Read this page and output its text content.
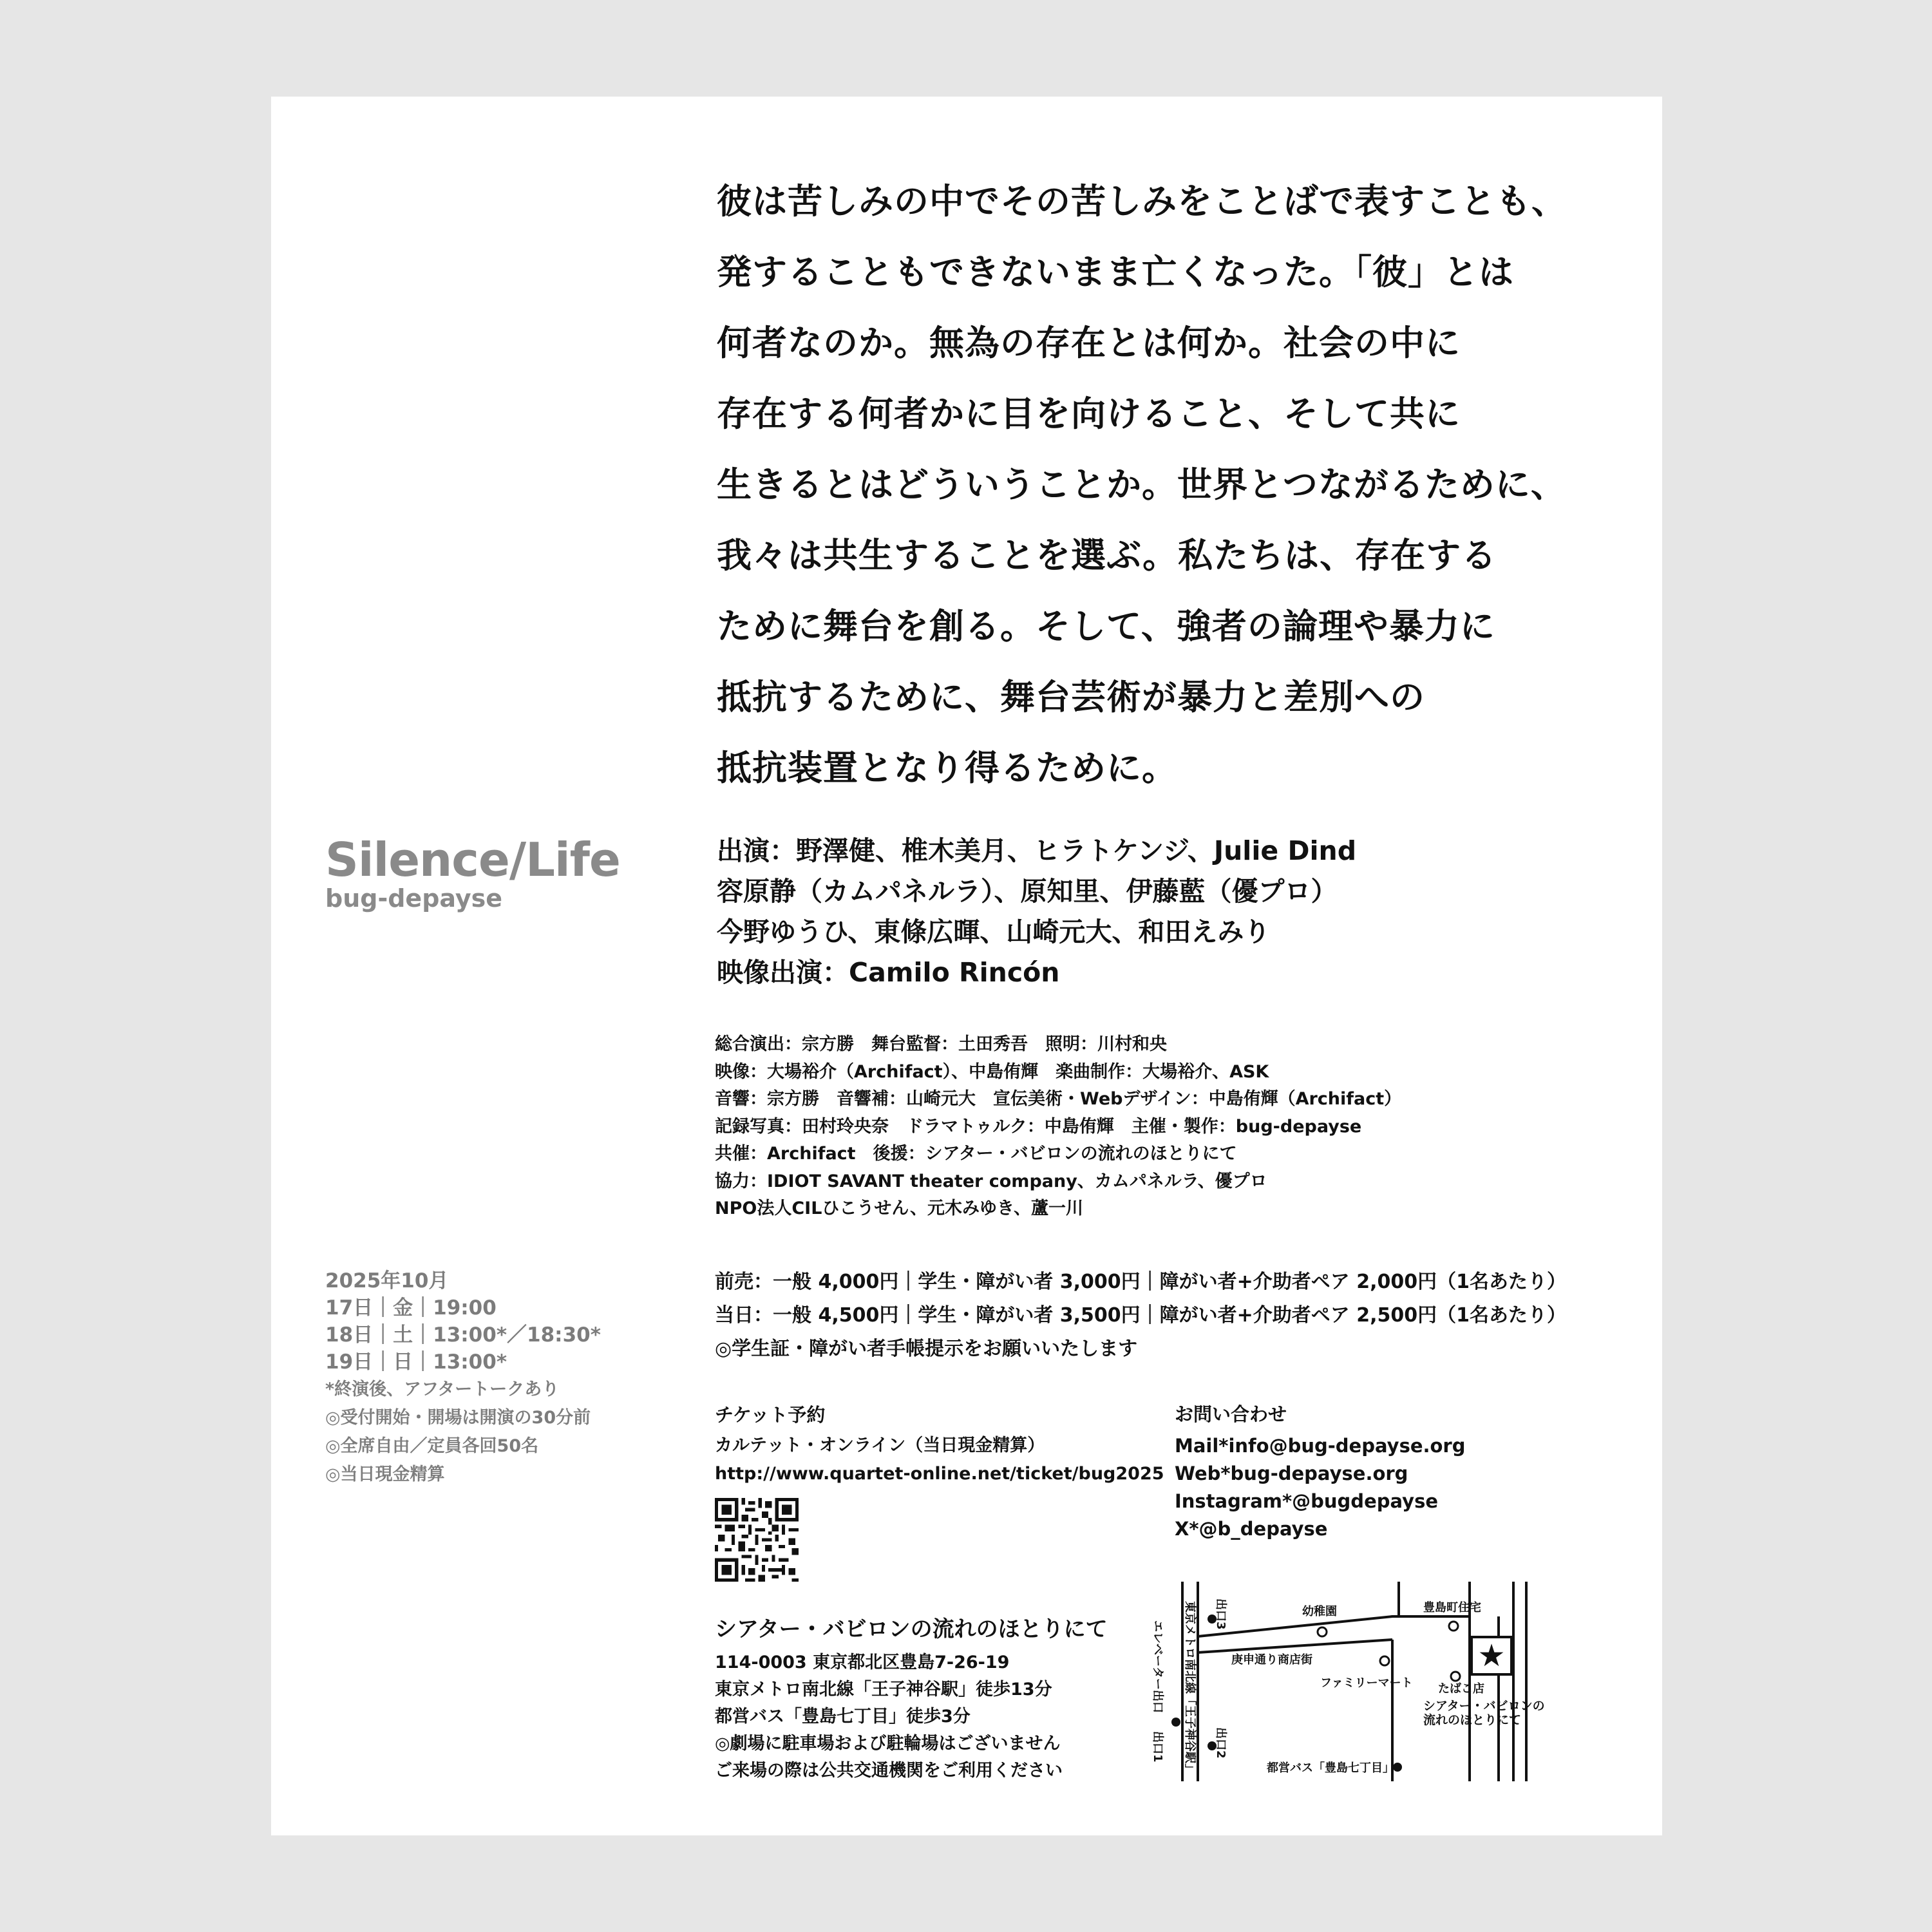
彼は苦しみの中でその苦しみをことばで表すことも、
発することもできないまま亡くなった。「彼」とは
何者なのか。無為の存在とは何か。社会の中に
存在する何者かに目を向けること、そして共に
生きるとはどういうことか。世界とつながるために、
我々は共生することを選ぶ。私たちは、存在する
ために舞台を創る。そして、強者の論理や暴力に
抵抗するために、舞台芸術が暴力と差別への
抵抗装置となり得るために。
Silence/Life
bug-depayse
出演：野澤健、椎木美月、ヒラトケンジ、Julie Dind
容原静（カムパネルラ）、原知里、伊藤藍（優プロ）
今野ゆうひ、東條広暉、山崎元大、和田えみり
映像出演：Camilo Rincón
総合演出：宗方勝　舞台監督：土田秀吾　照明：川村和央
映像：大場裕介（Archifact）、中島侑輝　楽曲制作：大場裕介、ASK
音響：宗方勝　音響補：山崎元大　宣伝美術・Webデザイン：中島侑輝（Archifact）
記録写真：田村玲央奈　ドラマトゥルク：中島侑輝　主催・製作：bug-depayse
共催：Archifact　後援：シアター・バビロンの流れのほとりにて
協力：IDIOT SAVANT theater company、カムパネルラ、優プロ
NPO法人CILひこうせん、元木みゆき、蘆一川
2025年10月
17日｜金｜19:00
18日｜土｜13:00*／18:30*
19日｜日｜13:00*
*終演後、アフタートークあり
◎受付開始・開場は開演の30分前
◎全席自由／定員各回50名
◎当日現金精算
前売：一般 4,000円｜学生・障がい者 3,000円｜障がい者+介助者ペア 2,000円（1名あたり）
当日：一般 4,500円｜学生・障がい者 3,500円｜障がい者+介助者ペア 2,500円（1名あたり）
◎学生証・障がい者手帳提示をお願いいたします
チケット予約
カルテット・オンライン（当日現金精算）
http://www.quartet-online.net/ticket/bug2025
お問い合わせ
Mail*info@bug-depayse.org
Web*bug-depayse.org
Instagram*@bugdepayse
X*@b_depayse
シアター・バビロンの流れのほとりにて
114-0003 東京都北区豊島7-26-19
東京メトロ南北線「王子神谷駅」徒歩13分
都営バス「豊島七丁目」徒歩3分
◎劇場に駐車場および駐輪場はございません
ご来場の際は公共交通機関をご利用ください
★
幼稚園	豊島町住宅
庚申通り商店街
ファミリーマート たばこ店
シアター・バビロンの
流れのほとりにて
都営バス「豊島七丁目」
出口3
出口2
エレベーター出口
出口1 東京メトロ南北線「王子神谷駅」
